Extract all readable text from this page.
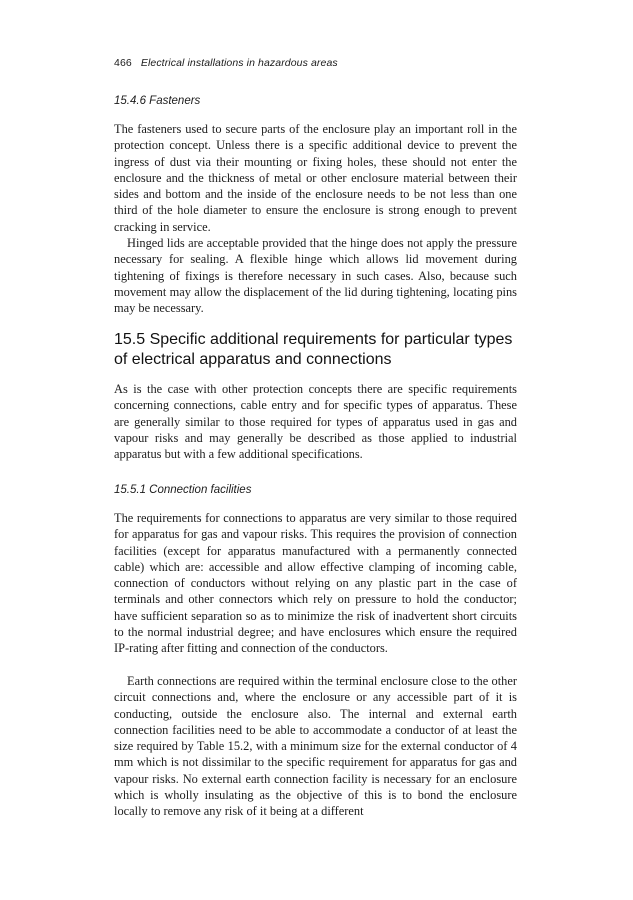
466 Electrical installations in hazardous areas
15.4.6 Fasteners

The fasteners used to secure parts of the enclosure play an important roll in the protection concept. Unless there is a specific additional device to prevent the ingress of dust via their mounting or fixing holes, these should not enter the enclosure and the thickness of metal or other enclosure material between their sides and bottom and the inside of the enclosure needs to be not less than one third of the hole diameter to ensure the enclosure is strong enough to prevent cracking in service.

Hinged lids are acceptable provided that the hinge does not apply the pressure necessary for sealing. A flexible hinge which allows lid movement during tightening of fixings is therefore necessary in such cases. Also, because such movement may allow the displacement of the lid during tightening, locating pins may be necessary.

15.5 Specific additional requirements for particular types of electrical apparatus and connections

As is the case with other protection concepts there are specific requirements concerning connections, cable entry and for specific types of apparatus. These are generally similar to those required for types of apparatus used in gas and vapour risks and may generally be described as those applied to industrial apparatus but with a few additional specifications.

15.5.1 Connection facilities

The requirements for connections to apparatus are very similar to those required for apparatus for gas and vapour risks. This requires the provision of connection facilities (except for apparatus manufactured with a permanently connected cable) which are: accessible and allow effective clamping of incoming cable, connection of conductors without relying on any plastic part in the case of terminals and other connectors which rely on pressure to hold the conductor; have sufficient separation so as to minimize the risk of inadvertent short circuits to the normal industrial degree; and have enclosures which ensure the required IP-rating after fitting and connection of the conductors.

Earth connections are required within the terminal enclosure close to the other circuit connections and, where the enclosure or any accessible part of it is conducting, outside the enclosure also. The internal and external earth connection facilities need to be able to accommodate a conductor of at least the size required by Table 15.2, with a minimum size for the external conductor of 4 mm which is not dissimilar to the specific requirement for apparatus for gas and vapour risks. No external earth connection facility is necessary for an enclosure which is wholly insulating as the objective of this is to bond the enclosure locally to remove any risk of it being at a different
